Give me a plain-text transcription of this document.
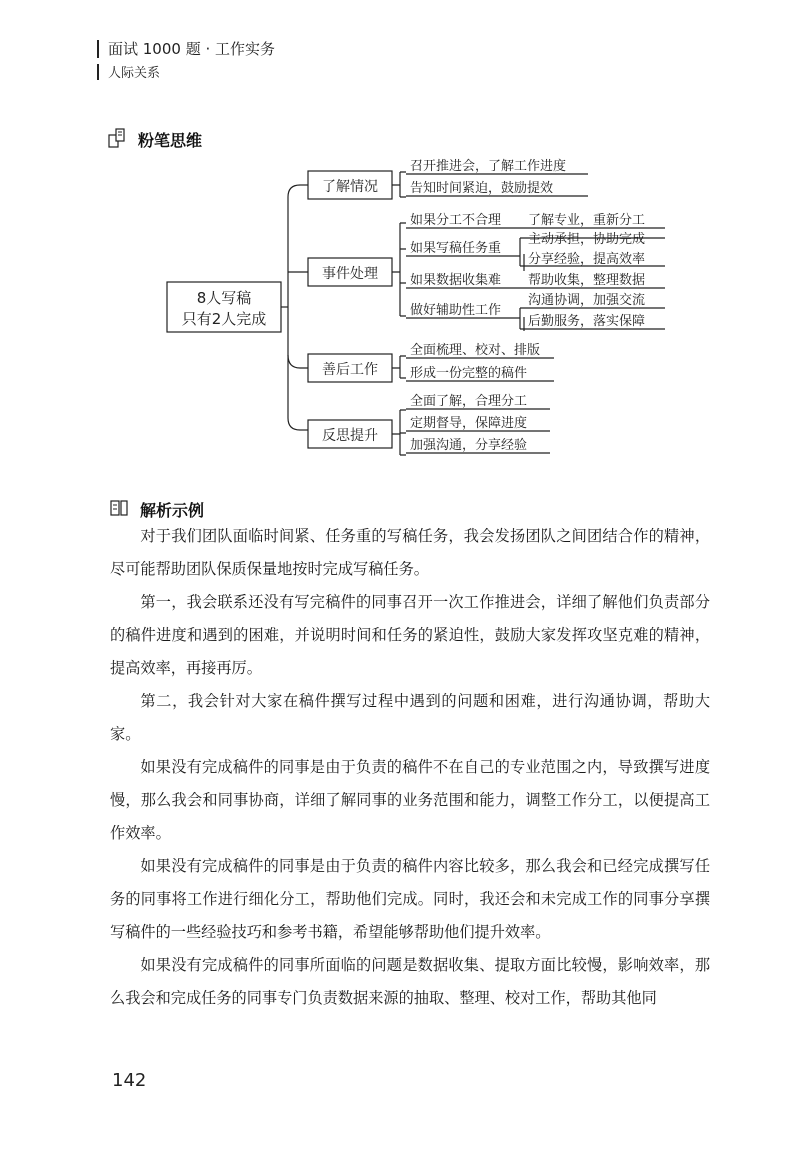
面试 1000 题 · 工作实务
人际关系
粉笔思维
8人写稿
只有2人完成
了解情况
事件处理
善后工作
反思提升
召开推进会，了解工作进度
告知时间紧迫，鼓励提效
如果分工不合理 了解专业，重新分工
如果写稿任务重
主动承担，协助完成
分享经验，提高效率
如果数据收集难 帮助收集，整理数据
做好辅助性工作
沟通协调，加强交流
后勤服务，落实保障
全面梳理、校对、排版
形成一份完整的稿件
全面了解，合理分工
定期督导，保障进度
加强沟通，分享经验
解析示例

对于我们团队面临时间紧、任务重的写稿任务，我会发扬团队之间团结合作的精神，尽可能帮助团队保质保量地按时完成写稿任务。

第一，我会联系还没有写完稿件的同事召开一次工作推进会，详细了解他们负责部分的稿件进度和遇到的困难，并说明时间和任务的紧迫性，鼓励大家发挥攻坚克难的精神，提高效率，再接再厉。

第二，我会针对大家在稿件撰写过程中遇到的问题和困难，进行沟通协调，帮助大家。

如果没有完成稿件的同事是由于负责的稿件不在自己的专业范围之内，导致撰写进度慢，那么我会和同事协商，详细了解同事的业务范围和能力，调整工作分工，以便提高工作效率。

如果没有完成稿件的同事是由于负责的稿件内容比较多，那么我会和已经完成撰写任务的同事将工作进行细化分工，帮助他们完成。同时，我还会和未完成工作的同事分享撰写稿件的一些经验技巧和参考书籍，希望能够帮助他们提升效率。

如果没有完成稿件的同事所面临的问题是数据收集、提取方面比较慢，影响效率，那么我会和完成任务的同事专门负责数据来源的抽取、整理、校对工作，帮助其他同

142
